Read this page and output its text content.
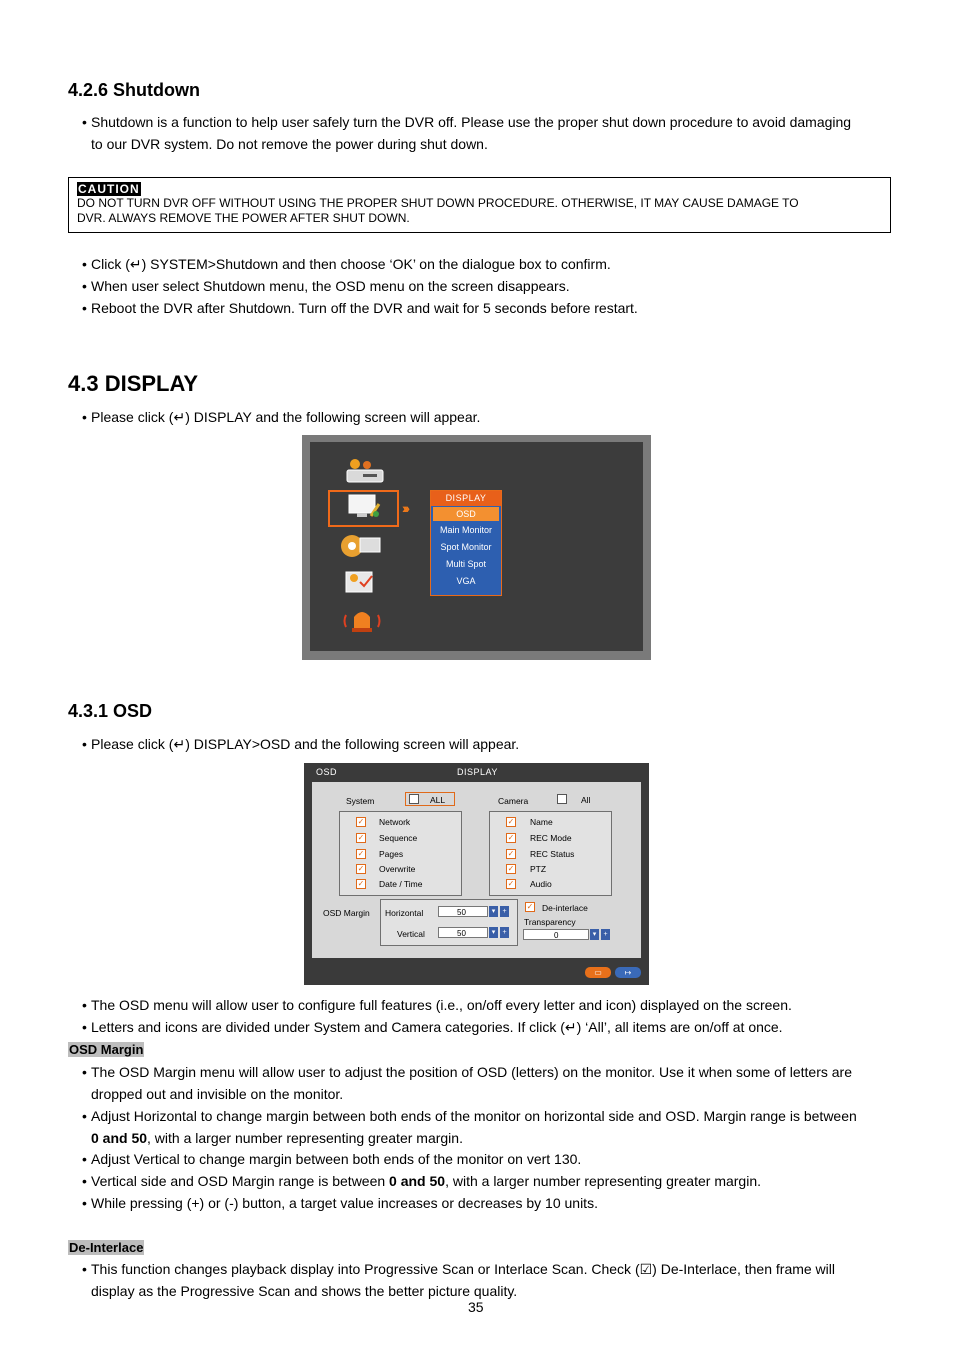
4.2.6 Shutdown
• Shutdown is a function to help user safely turn the DVR off. Please use the proper shut down procedure to avoid damaging
to our DVR system. Do not remove the power during shut down.
CAUTION
DO NOT TURN DVR OFF WITHOUT USING THE PROPER SHUT DOWN PROCEDURE. OTHERWISE, IT MAY CAUSE DAMAGE TO
DVR. ALWAYS REMOVE THE POWER AFTER SHUT DOWN.
• Click (↵) SYSTEM>Shutdown and then choose ‘OK’ on the dialogue box to confirm.
• When user select Shutdown menu, the OSD menu on the screen disappears.
• Reboot the DVR after Shutdown. Turn off the DVR and wait for 5 seconds before restart.
4.3 DISPLAY
• Please click (↵) DISPLAY and the following screen will appear.
›››
DISPLAY
OSD
Main Monitor
Spot Monitor
Multi Spot
VGA
4.3.1 OSD
• Please click (↵) DISPLAY>OSD and the following screen will appear.
OSD	DISPLAY
System	ALL	Camera	All
✓ Network
✓ Sequence
✓ Pages
✓ Overwrite
✓ Date / Time
✓ Name
✓ REC Mode
✓ REC Status
✓ PTZ
✓ Audio
OSD Margin Horizontal	50	▾	+
Vertical	50	▾	+
✓ De-interlace
Transparency
0	▾	+
▭	↦
• The OSD menu will allow user to configure full features (i.e., on/off every letter and icon) displayed on the screen.
• Letters and icons are divided under System and Camera categories. If click (↵) ‘All’, all items are on/off at once.
OSD Margin
• The OSD Margin menu will allow user to adjust the position of OSD (letters) on the monitor. Use it when some of letters are
dropped out and invisible on the monitor.
• Adjust Horizontal to change margin between both ends of the monitor on horizontal side and OSD. Margin range is between
0 and 50, with a larger number representing greater margin.
• Adjust Vertical to change margin between both ends of the monitor on vert 130.
• Vertical side and OSD Margin range is between 0 and 50, with a larger number representing greater margin.
• While pressing (+) or (-) button, a target value increases or decreases by 10 units.
De-Interlace
• This function changes playback display into Progressive Scan or Interlace Scan. Check (☑) De-Interlace, then frame will
display as the Progressive Scan and shows the better picture quality.
35
